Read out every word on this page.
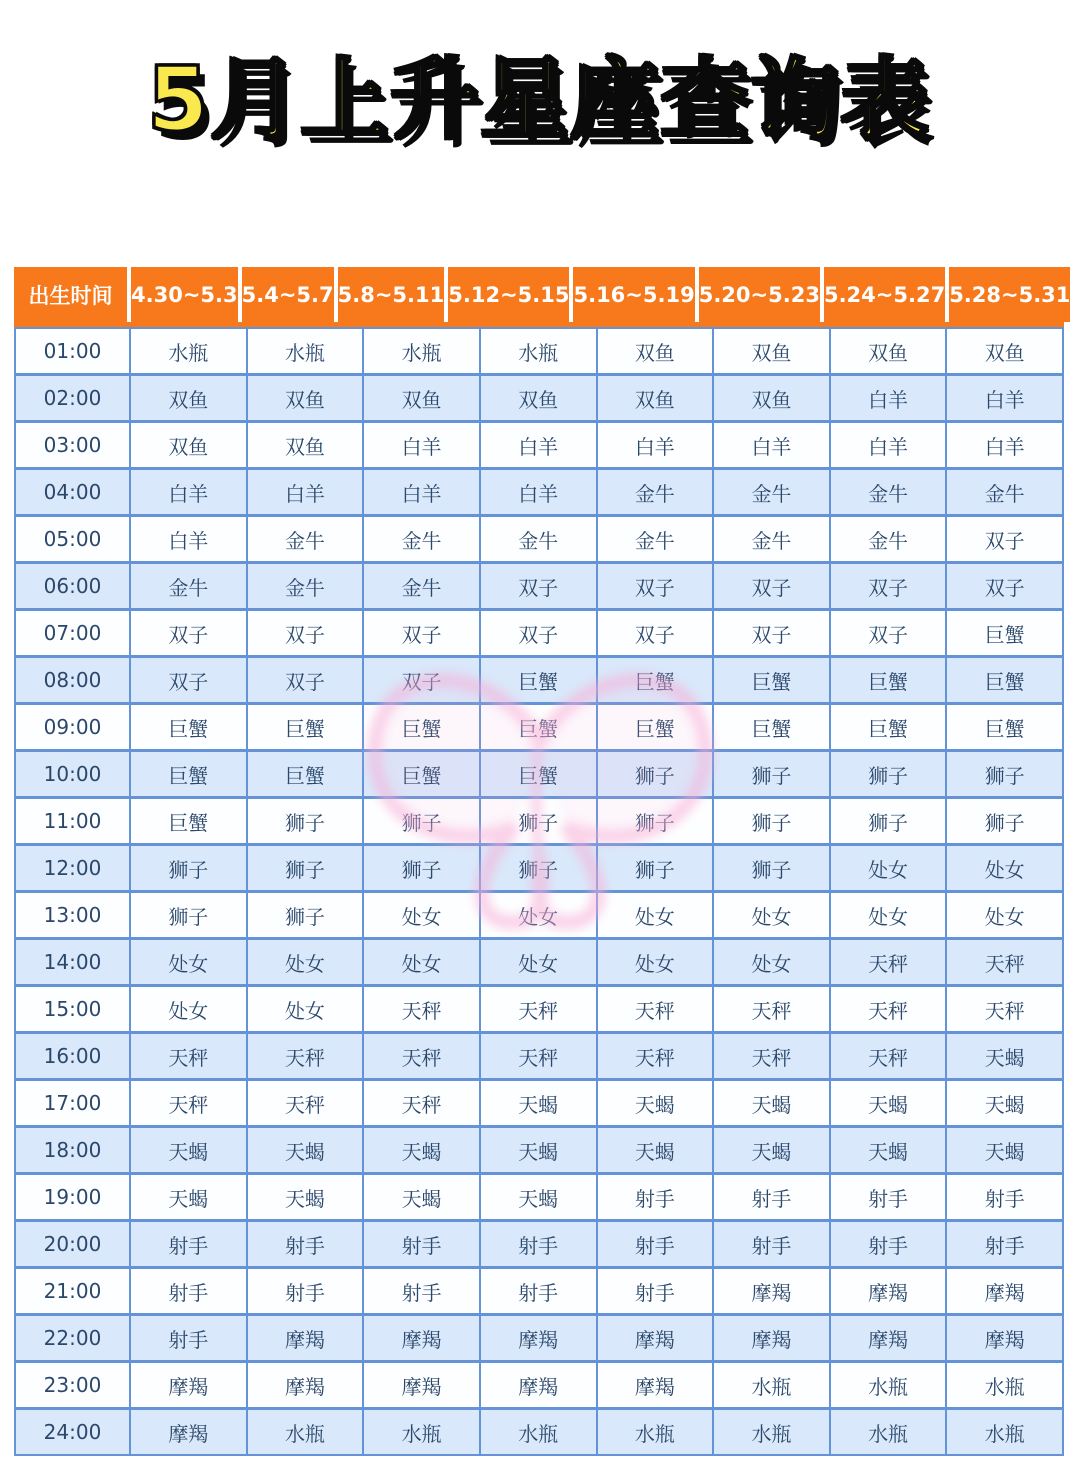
5月上升星座查询表
出生时间 4.30~5.3 5.4~5.7 5.8~5.11 5.12~5.15 5.16~5.19 5.20~5.23 5.24~5.27 5.28~5.31
01:00	水瓶	水瓶	水瓶	水瓶	双鱼	双鱼	双鱼	双鱼
02:00	双鱼	双鱼	双鱼	双鱼	双鱼	双鱼	白羊	白羊
03:00	双鱼	双鱼	白羊	白羊	白羊	白羊	白羊	白羊
04:00	白羊	白羊	白羊	白羊	金牛	金牛	金牛	金牛
05:00	白羊	金牛	金牛	金牛	金牛	金牛	金牛	双子
06:00	金牛	金牛	金牛	双子	双子	双子	双子	双子
07:00	双子	双子	双子	双子	双子	双子	双子	巨蟹
08:00	双子	双子	双子	巨蟹	巨蟹	巨蟹	巨蟹	巨蟹
09:00	巨蟹	巨蟹	巨蟹	巨蟹	巨蟹	巨蟹	巨蟹	巨蟹
10:00	巨蟹	巨蟹	巨蟹	巨蟹	狮子	狮子	狮子	狮子
11:00	巨蟹	狮子	狮子	狮子	狮子	狮子	狮子	狮子
12:00	狮子	狮子	狮子	狮子	狮子	狮子	处女	处女
13:00	狮子	狮子	处女	处女	处女	处女	处女	处女
14:00	处女	处女	处女	处女	处女	处女	天秤	天秤
15:00	处女	处女	天秤	天秤	天秤	天秤	天秤	天秤
16:00	天秤	天秤	天秤	天秤	天秤	天秤	天秤	天蝎
17:00	天秤	天秤	天秤	天蝎	天蝎	天蝎	天蝎	天蝎
18:00	天蝎	天蝎	天蝎	天蝎	天蝎	天蝎	天蝎	天蝎
19:00	天蝎	天蝎	天蝎	天蝎	射手	射手	射手	射手
20:00	射手	射手	射手	射手	射手	射手	射手	射手
21:00	射手	射手	射手	射手	射手	摩羯	摩羯	摩羯
22:00	射手	摩羯	摩羯	摩羯	摩羯	摩羯	摩羯	摩羯
23:00	摩羯	摩羯	摩羯	摩羯	摩羯	水瓶	水瓶	水瓶
24:00	摩羯	水瓶	水瓶	水瓶	水瓶	水瓶	水瓶	水瓶
